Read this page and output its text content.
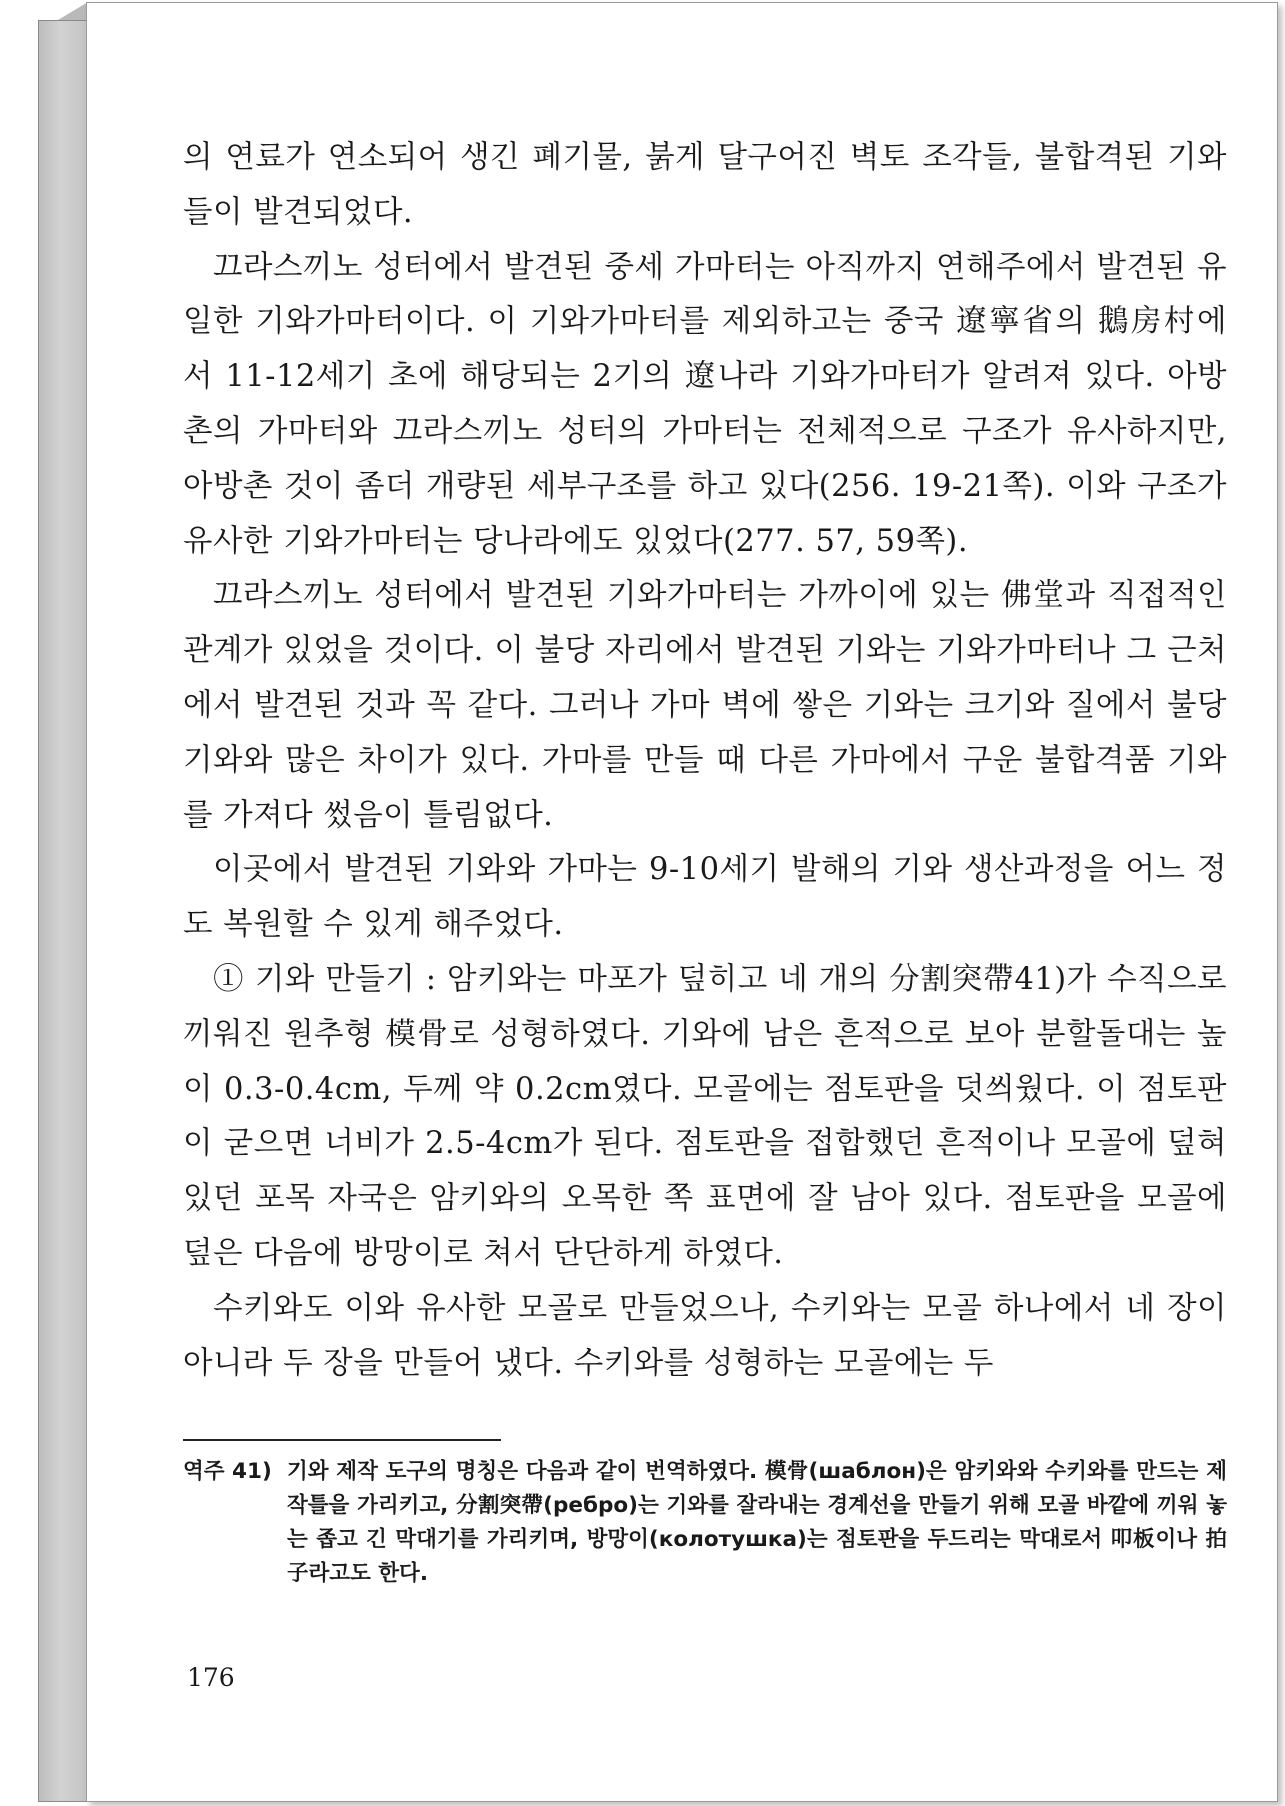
의 연료가 연소되어 생긴 폐기물, 붉게 달구어진 벽토 조각들, 불합격된 기와들이 발견되었다.

끄라스끼노 성터에서 발견된 중세 가마터는 아직까지 연해주에서 발견된 유일한 기와가마터이다. 이 기와가마터를 제외하고는 중국 遼寧省의 鵝房村에서 11-12세기 초에 해당되는 2기의 遼나라 기와가마터가 알려져 있다. 아방촌의 가마터와 끄라스끼노 성터의 가마터는 전체적으로 구조가 유사하지만, 아방촌 것이 좀더 개량된 세부구조를 하고 있다(256. 19-21쪽). 이와 구조가 유사한 기와가마터는 당나라에도 있었다(277. 57, 59쪽).

끄라스끼노 성터에서 발견된 기와가마터는 가까이에 있는 佛堂과 직접적인 관계가 있었을 것이다. 이 불당 자리에서 발견된 기와는 기와가마터나 그 근처에서 발견된 것과 꼭 같다. 그러나 가마 벽에 쌓은 기와는 크기와 질에서 불당 기와와 많은 차이가 있다. 가마를 만들 때 다른 가마에서 구운 불합격품 기와를 가져다 썼음이 틀림없다.

이곳에서 발견된 기와와 가마는 9-10세기 발해의 기와 생산과정을 어느 정도 복원할 수 있게 해주었다.

① 기와 만들기 : 암키와는 마포가 덮히고 네 개의 分割突帶41)가 수직으로 끼워진 원추형 模骨로 성형하였다. 기와에 남은 흔적으로 보아 분할돌대는 높이 0.3-0.4cm, 두께 약 0.2cm였다. 모골에는 점토판을 덧씌웠다. 이 점토판이 굳으면 너비가 2.5-4cm가 된다. 점토판을 접합했던 흔적이나 모골에 덮혀 있던 포목 자국은 암키와의 오목한 쪽 표면에 잘 남아 있다. 점토판을 모골에 덮은 다음에 방망이로 쳐서 단단하게 하였다.

수키와도 이와 유사한 모골로 만들었으나, 수키와는 모골 하나에서 네 장이 아니라 두 장을 만들어 냈다. 수키와를 성형하는 모골에는 두

역주 41) 기와 제작 도구의 명칭은 다음과 같이 번역하였다. 模骨(шаблон)은 암키와와 수키와를 만드는 제작틀을 가리키고, 分割突帶(ребро)는 기와를 잘라내는 경계선을 만들기 위해 모골 바깥에 끼워 놓는 좁고 긴 막대기를 가리키며, 방망이(колотушка)는 점토판을 두드리는 막대로서 叩板이나 拍子라고도 한다.
176
